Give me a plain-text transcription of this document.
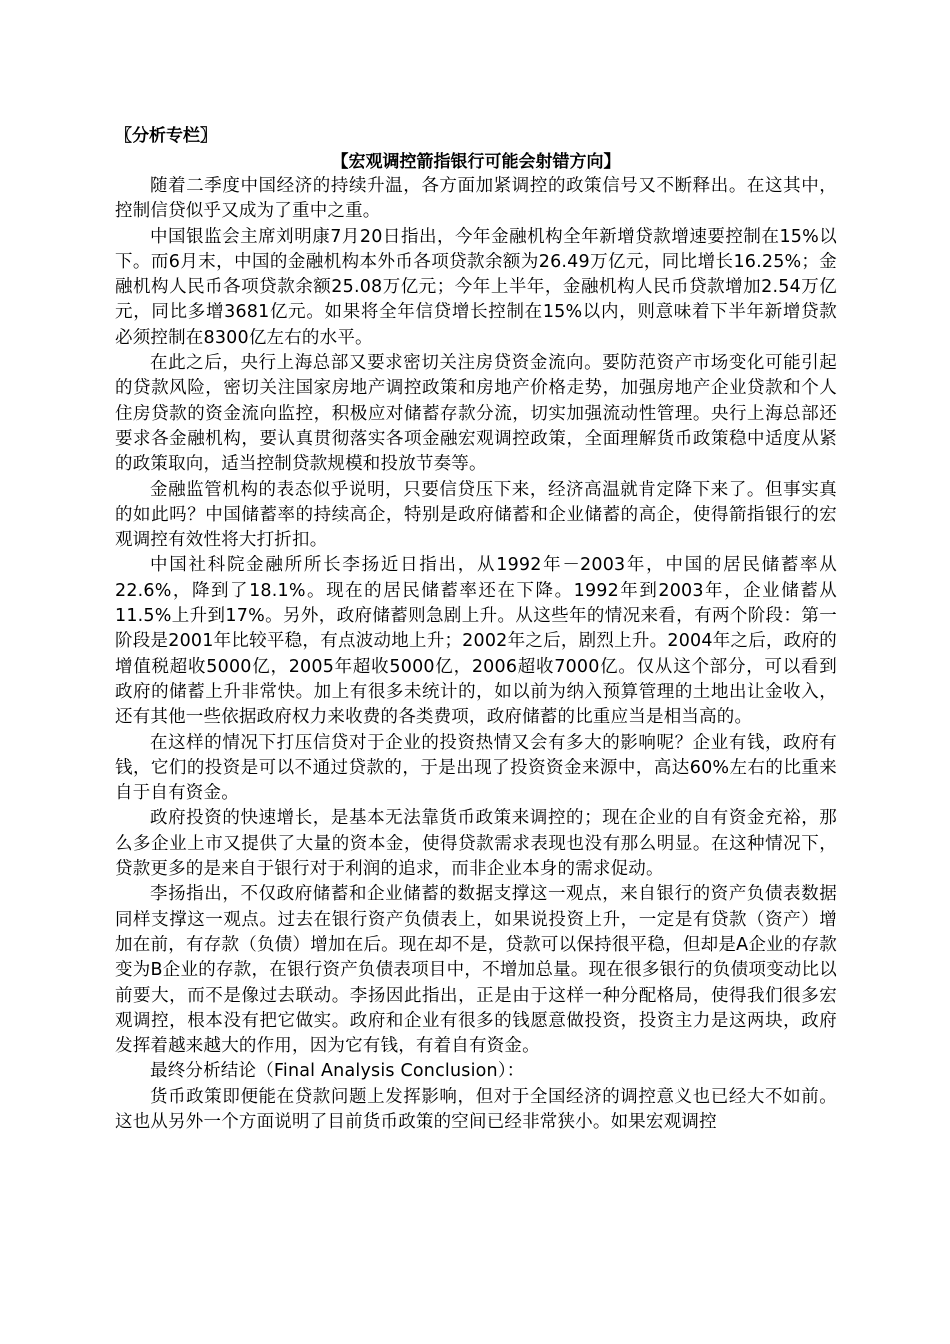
〖分析专栏〗
【宏观调控箭指银行可能会射错方向】

随着二季度中国经济的持续升温，各方面加紧调控的政策信号又不断释出。在这其中，控制信贷似乎又成为了重中之重。

中国银监会主席刘明康7月20日指出，今年金融机构全年新增贷款增速要控制在15%以下。而6月末，中国的金融机构本外币各项贷款余额为26.49万亿元，同比增长16.25%；金融机构人民币各项贷款余额25.08万亿元；今年上半年，金融机构人民币贷款增加2.54万亿元，同比多增3681亿元。如果将全年信贷增长控制在15%以内，则意味着下半年新增贷款必须控制在8300亿左右的水平。

在此之后，央行上海总部又要求密切关注房贷资金流向。要防范资产市场变化可能引起的贷款风险，密切关注国家房地产调控政策和房地产价格走势，加强房地产企业贷款和个人住房贷款的资金流向监控，积极应对储蓄存款分流，切实加强流动性管理。央行上海总部还要求各金融机构，要认真贯彻落实各项金融宏观调控政策，全面理解货币政策稳中适度从紧的政策取向，适当控制贷款规模和投放节奏等。

金融监管机构的表态似乎说明，只要信贷压下来，经济高温就肯定降下来了。但事实真的如此吗？中国储蓄率的持续高企，特别是政府储蓄和企业储蓄的高企，使得箭指银行的宏观调控有效性将大打折扣。

中国社科院金融所所长李扬近日指出，从1992年－2003年，中国的居民储蓄率从22.6%，降到了18.1%。现在的居民储蓄率还在下降。1992年到2003年，企业储蓄从11.5%上升到17%。另外，政府储蓄则急剧上升。从这些年的情况来看，有两个阶段：第一阶段是2001年比较平稳，有点波动地上升；2002年之后，剧烈上升。2004年之后，政府的增值税超收5000亿，2005年超收5000亿，2006超收7000亿。仅从这个部分，可以看到政府的储蓄上升非常快。加上有很多未统计的，如以前为纳入预算管理的土地出让金收入，还有其他一些依据政府权力来收费的各类费项，政府储蓄的比重应当是相当高的。

在这样的情况下打压信贷对于企业的投资热情又会有多大的影响呢？企业有钱，政府有钱，它们的投资是可以不通过贷款的，于是出现了投资资金来源中，高达60%左右的比重来自于自有资金。

政府投资的快速增长，是基本无法靠货币政策来调控的；现在企业的自有资金充裕，那么多企业上市又提供了大量的资本金，使得贷款需求表现也没有那么明显。在这种情况下，贷款更多的是来自于银行对于利润的追求，而非企业本身的需求促动。

李扬指出，不仅政府储蓄和企业储蓄的数据支撑这一观点，来自银行的资产负债表数据同样支撑这一观点。过去在银行资产负债表上，如果说投资上升，一定是有贷款（资产）增加在前，有存款（负债）增加在后。现在却不是，贷款可以保持很平稳，但却是A企业的存款变为B企业的存款，在银行资产负债表项目中，不增加总量。现在很多银行的负债项变动比以前要大，而不是像过去联动。李扬因此指出，正是由于这样一种分配格局，使得我们很多宏观调控，根本没有把它做实。政府和企业有很多的钱愿意做投资，投资主力是这两块，政府发挥着越来越大的作用，因为它有钱，有着自有资金。

最终分析结论（Final Analysis Conclusion）：

货币政策即便能在贷款问题上发挥影响，但对于全国经济的调控意义也已经大不如前。这也从另外一个方面说明了目前货币政策的空间已经非常狭小。如果宏观调控
